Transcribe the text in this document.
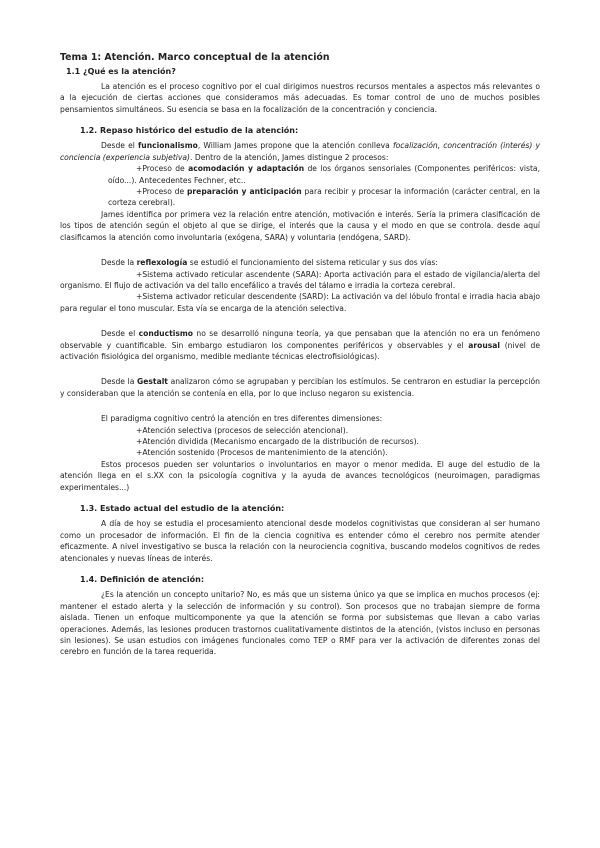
Tema 1: Atención. Marco conceptual de la atención
1.1 ¿Qué es la atención?

La atención es el proceso cognitivo por el cual dirigimos nuestros recursos mentales a aspectos más relevantes o a la ejecución de ciertas acciones que consideramos más adecuadas. Es tomar control de uno de muchos posibles pensamientos simultáneos. Su esencia se basa en la focalización de la concentración y conciencia.

1.2. Repaso histórico del estudio de la atención:

Desde el funcionalismo, William James propone que la atención conlleva focalización, concentración (interés) y conciencia (experiencia subjetiva). Dentro de la atención, James distingue 2 procesos:

+Proceso de acomodación y adaptación de los órganos sensoriales (Componentes periféricos: vista, oído...). Antecedentes Fechner, etc..

+Proceso de preparación y anticipación para recibir y procesar la información (carácter central, en la corteza cerebral).

James identifica por primera vez la relación entre atención, motivación e interés. Sería la primera clasificación de los tipos de atención según el objeto al que se dirige, el interés que la causa y el modo en que se controla. desde aquí clasificamos la atención como involuntaria (exógena, SARA) y voluntaria (endógena, SARD).

Desde la reflexología se estudió el funcionamiento del sistema reticular y sus dos vías:

+Sistema activado reticular ascendente (SARA): Aporta activación para el estado de vigilancia/alerta del organismo. El flujo de activación va del tallo encefálico a través del tálamo e irradia la corteza cerebral.

+Sistema activador reticular descendente (SARD): La activación va del lóbulo frontal e irradia hacia abajo para regular el tono muscular. Esta vía se encarga de la atención selectiva.

Desde el conductismo no se desarrolló ninguna teoría, ya que pensaban que la atención no era un fenómeno observable y cuantificable. Sin embargo estudiaron los componentes periféricos y observables y el arousal (nivel de activación fisiológica del organismo, medible mediante técnicas electrofisiológicas).

Desde la Gestalt analizaron cómo se agrupaban y percibían los estímulos. Se centraron en estudiar la percepción y consideraban que la atención se contenía en ella, por lo que incluso negaron su existencia.

El paradigma cognitivo centró la atención en tres diferentes dimensiones:

+Atención selectiva (procesos de selección atencional).

+Atención dividida (Mecanismo encargado de la distribución de recursos).

+Atención sostenido (Procesos de mantenimiento de la atención).

Estos procesos pueden ser voluntarios o involuntarios en mayor o menor medida. El auge del estudio de la atención llega en el s.XX con la psicología cognitiva y la ayuda de avances tecnológicos (neuroimagen, paradigmas experimentales...)

1.3. Estado actual del estudio de la atención:

A día de hoy se estudia el procesamiento atencional desde modelos cognitivistas que consideran al ser humano como un procesador de información. El fin de la ciencia cognitiva es entender cómo el cerebro nos permite atender eficazmente. A nivel investigativo se busca la relación con la neurociencia cognitiva, buscando modelos cognitivos de redes atencionales y nuevas líneas de interés.

1.4. Definición de atención:

¿Es la atención un concepto unitario? No, es más que un sistema único ya que se implica en muchos procesos (ej: mantener el estado alerta y la selección de información y su control). Son procesos que no trabajan siempre de forma aislada. Tienen un enfoque multicomponente ya que la atención se forma por subsistemas que llevan a cabo varias operaciones. Además, las lesiones producen trastornos cualitativamente distintos de la atención, (vistos incluso en personas sin lesiones). Se usan estudios con imágenes funcionales como TEP o RMF para ver la activación de diferentes zonas del cerebro en función de la tarea requerida.
